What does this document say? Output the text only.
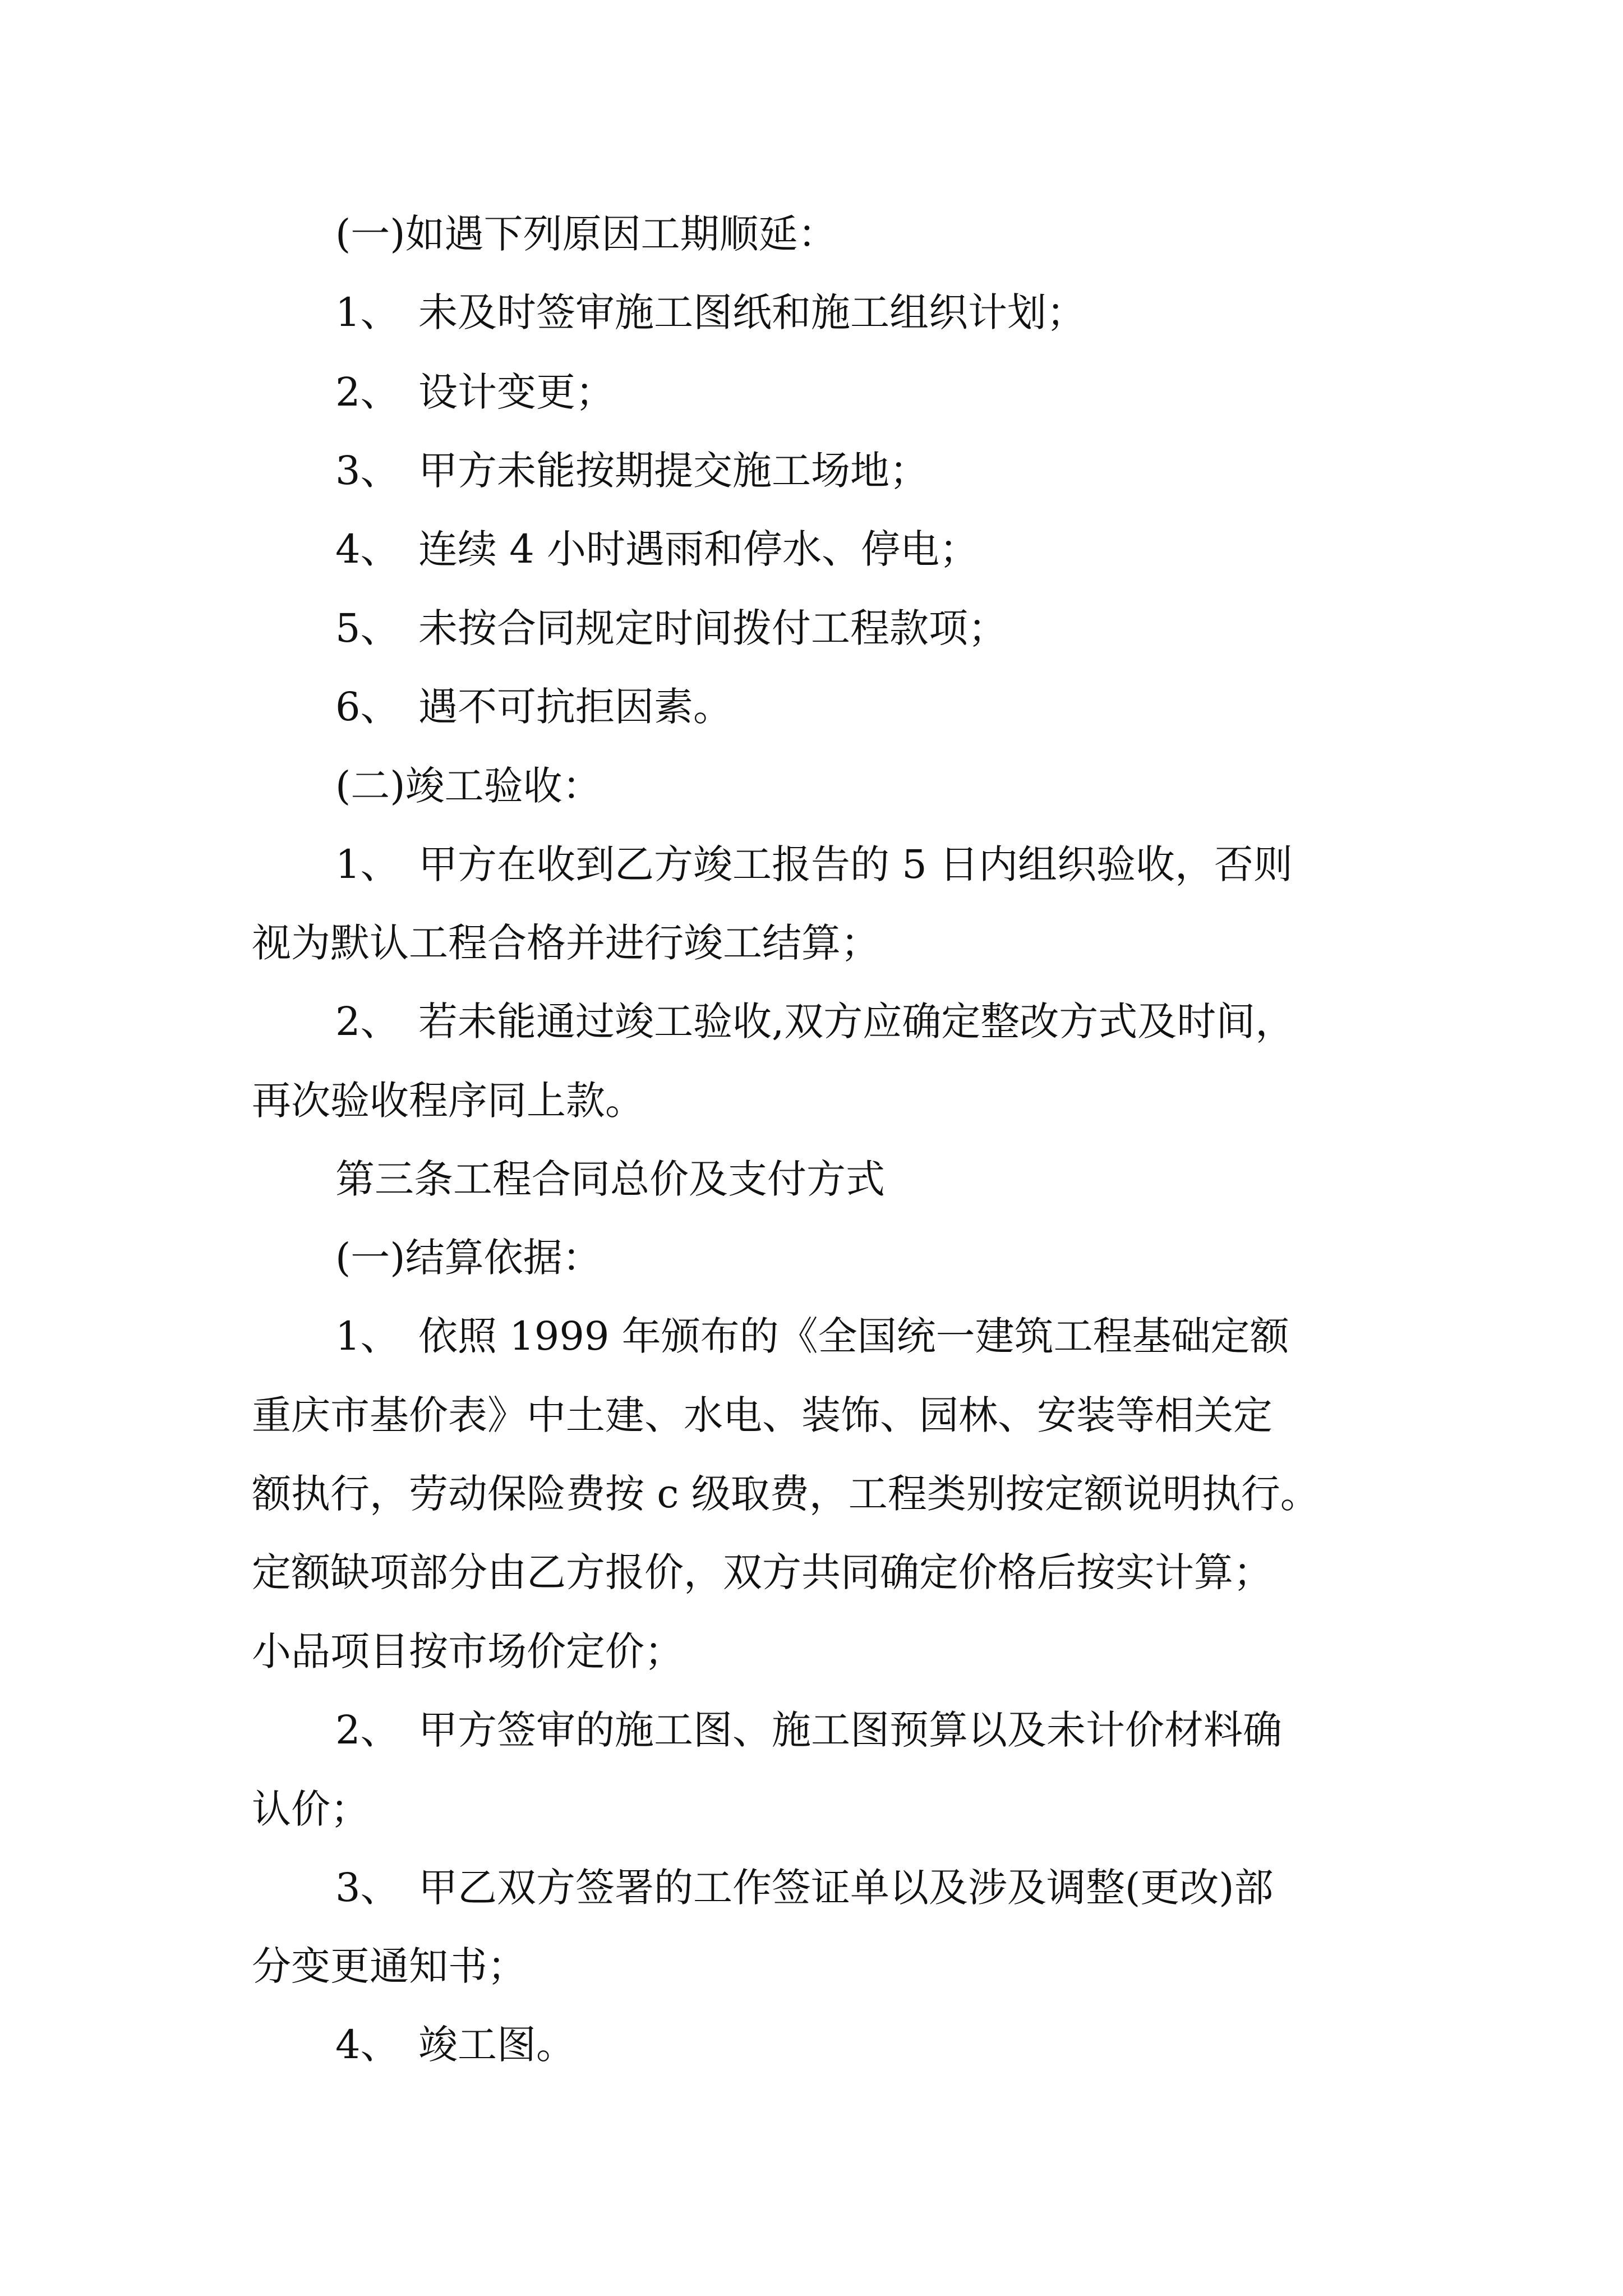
(一)如遇下列原因工期顺延：
1、 未及时签审施工图纸和施工组织计划；
2、 设计变更；
3、 甲方未能按期提交施工场地；
4、 连续 4 小时遇雨和停水、停电；
5、 未按合同规定时间拨付工程款项；
6、 遇不可抗拒因素。
(二)竣工验收：
1、 甲方在收到乙方竣工报告的 5 日内组织验收，否则
视为默认工程合格并进行竣工结算；
2、 若未能通过竣工验收,双方应确定整改方式及时间，
再次验收程序同上款。
第三条工程合同总价及支付方式
(一)结算依据：
1、 依照 1999 年颁布的《全国统一建筑工程基础定额
重庆市基价表》中土建、水电、装饰、园林、安装等相关定
额执行，劳动保险费按 c 级取费，工程类别按定额说明执行。
定额缺项部分由乙方报价，双方共同确定价格后按实计算；
小品项目按市场价定价；
2、 甲方签审的施工图、施工图预算以及未计价材料确
认价；
3、 甲乙双方签署的工作签证单以及涉及调整(更改)部
分变更通知书；
4、 竣工图。
